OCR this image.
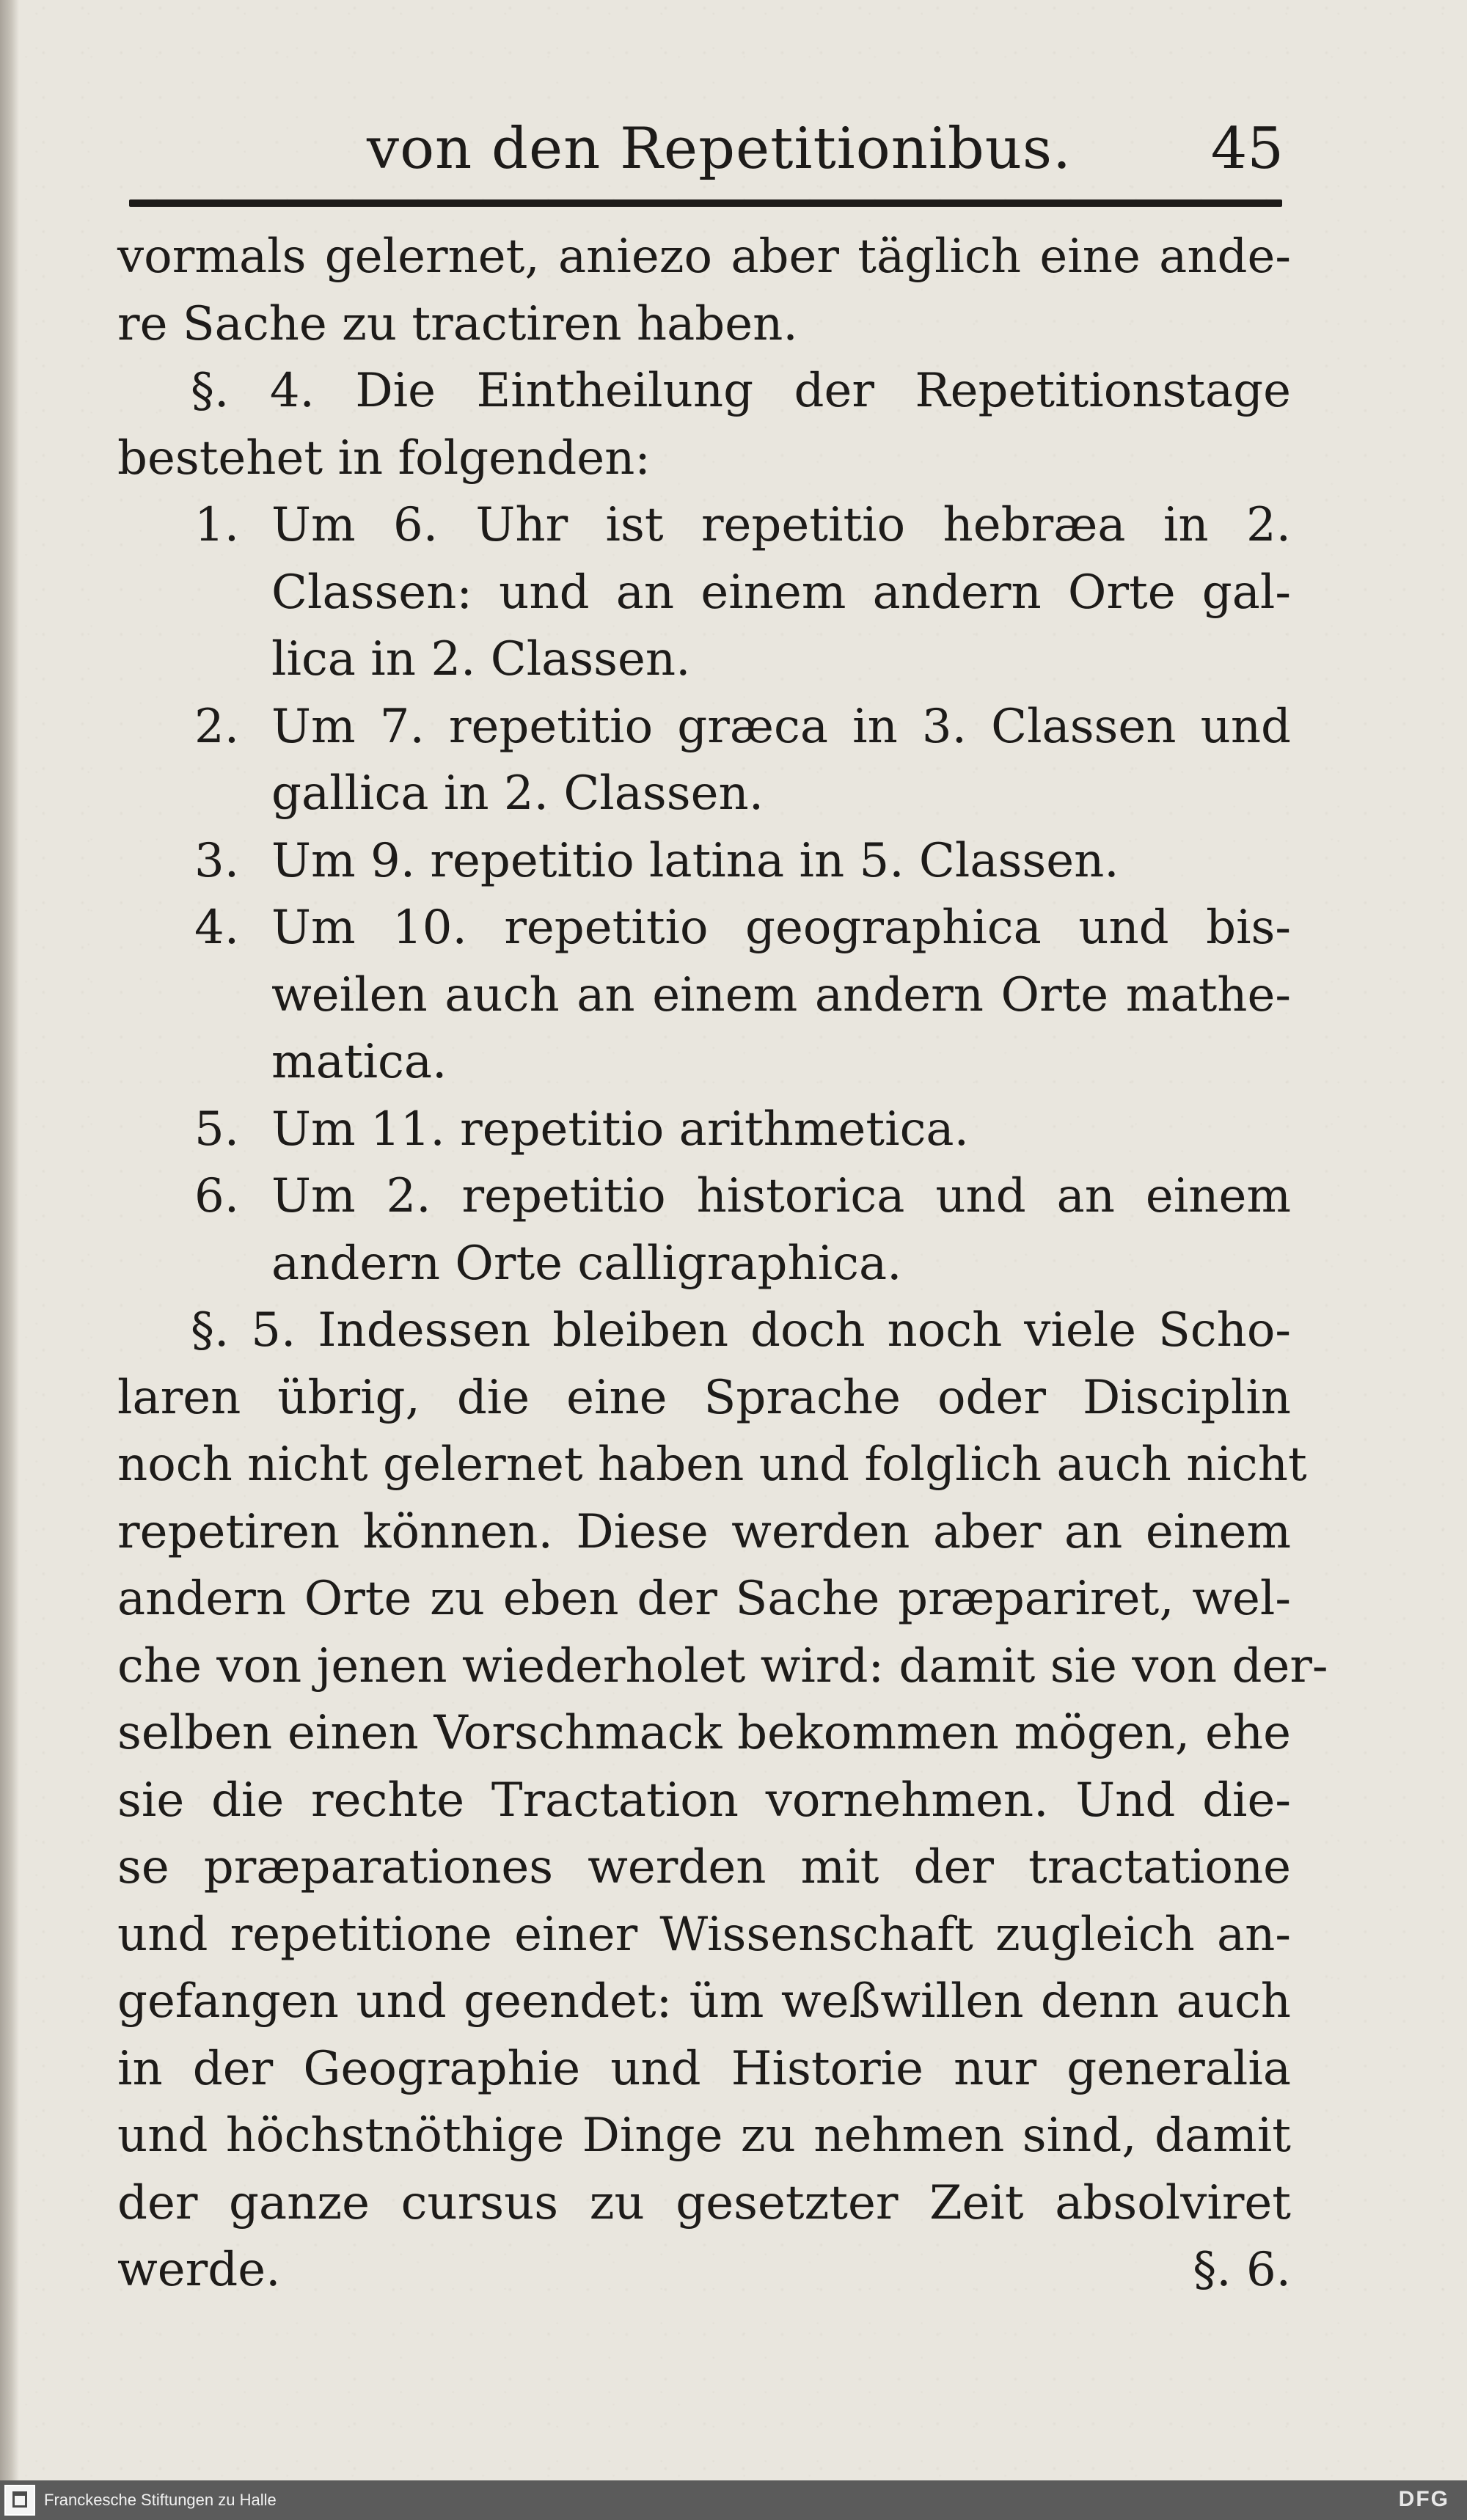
von den Repetitionibus. 45
vormals gelernet, aniezo aber täglich eine ande-
re Sache zu tractiren haben.
§. 4. Die Eintheilung der Repetitionstage
bestehet in folgenden:
1. Um 6. Uhr ist repetitio hebræa in 2.
Classen: und an einem andern Orte gal-
lica in 2. Classen.
2. Um 7. repetitio græca in 3. Classen und
gallica in 2. Classen.
3. Um 9. repetitio latina in 5. Classen.
4. Um 10. repetitio geographica und bis-
weilen auch an einem andern Orte mathe-
matica.
5. Um 11. repetitio arithmetica.
6. Um 2. repetitio historica und an einem
andern Orte calligraphica.
§. 5. Indessen bleiben doch noch viele Scho-
laren übrig, die eine Sprache oder Disciplin
noch nicht gelernet haben und folglich auch nicht
repetiren können. Diese werden aber an einem
andern Orte zu eben der Sache præpariret, wel-
che von jenen wiederholet wird: damit sie von der-
selben einen Vorschmack bekommen mögen, ehe
sie die rechte Tractation vornehmen. Und die-
se præparationes werden mit der tractatione
und repetitione einer Wissenschaft zugleich an-
gefangen und geendet: üm weßwillen denn auch
in der Geographie und Historie nur generalia
und höchstnöthige Dinge zu nehmen sind, damit
der ganze cursus zu gesetzter Zeit absolviret
werde.	§. 6.
Franckesche Stiftungen zu Halle	DFG
